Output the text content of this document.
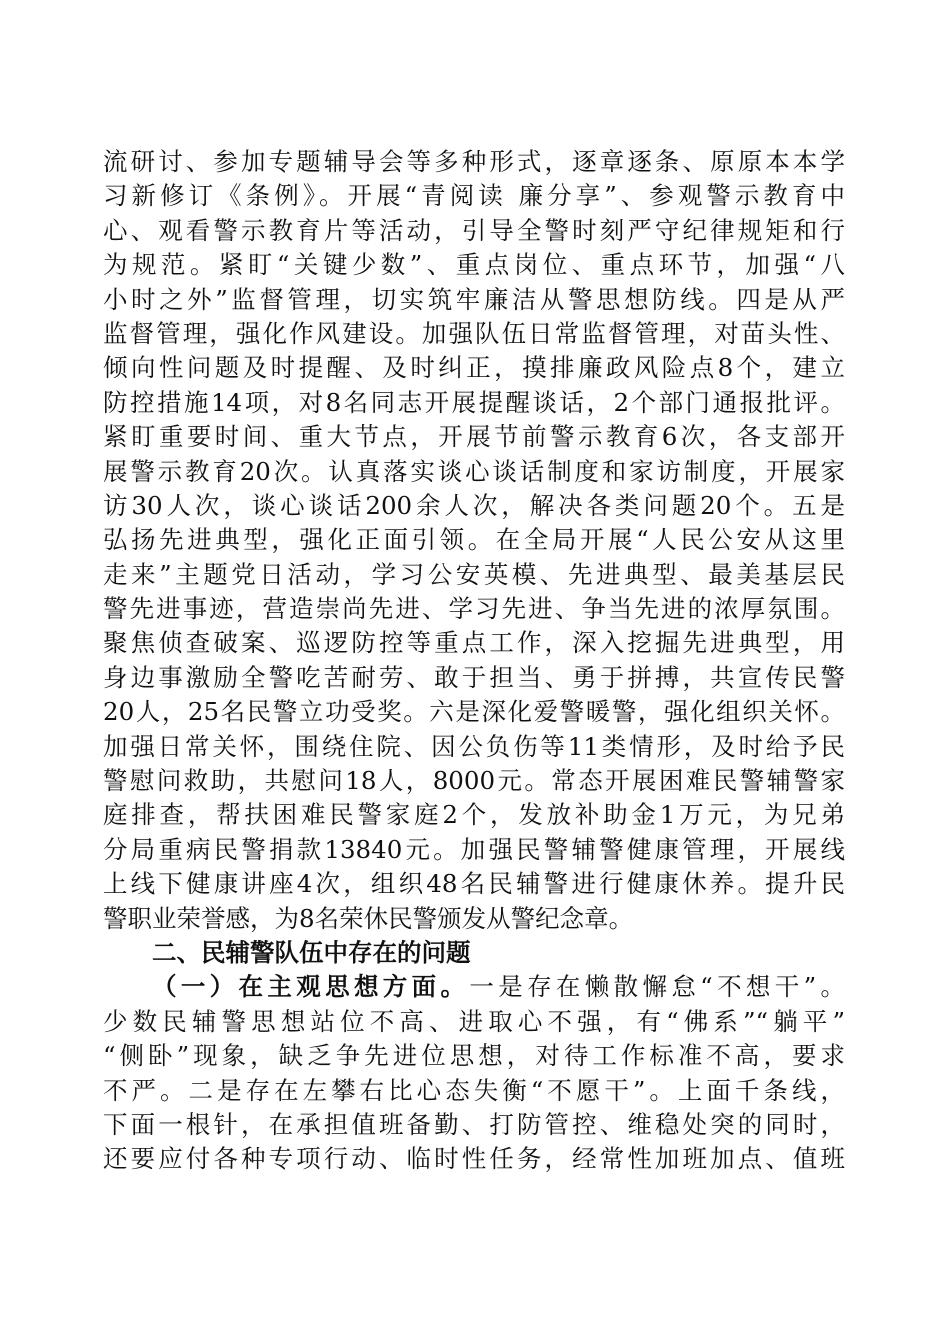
流研讨、参加专题辅导会等多种形式，逐章逐条、原原本本学
习新修订《条例》。开展“青阅读 廉分享”、参观警示教育中
心、观看警示教育片等活动，引导全警时刻严守纪律规矩和行
为规范。紧盯“关键少数”、重点岗位、重点环节，加强“八
小时之外”监督管理，切实筑牢廉洁从警思想防线。四是从严
监督管理，强化作风建设。加强队伍日常监督管理，对苗头性、
倾向性问题及时提醒、及时纠正，摸排廉政风险点8个，建立
防控措施14项，对8名同志开展提醒谈话，2个部门通报批评。
紧盯重要时间、重大节点，开展节前警示教育6次，各支部开
展警示教育20次。认真落实谈心谈话制度和家访制度，开展家
访30人次，谈心谈话200余人次，解决各类问题20个。五是
弘扬先进典型，强化正面引领。在全局开展“人民公安从这里
走来”主题党日活动，学习公安英模、先进典型、最美基层民
警先进事迹，营造崇尚先进、学习先进、争当先进的浓厚氛围。
聚焦侦查破案、巡逻防控等重点工作，深入挖掘先进典型，用
身边事激励全警吃苦耐劳、敢于担当、勇于拼搏，共宣传民警
20人，25名民警立功受奖。六是深化爱警暖警，强化组织关怀。
加强日常关怀，围绕住院、因公负伤等11类情形，及时给予民
警慰问救助，共慰问18人，8000元。常态开展困难民警辅警家
庭排查，帮扶困难民警家庭2个，发放补助金1万元，为兄弟
分局重病民警捐款13840元。加强民警辅警健康管理，开展线
上线下健康讲座4次，组织48名民辅警进行健康休养。提升民
警职业荣誉感，为8名荣休民警颁发从警纪念章。
二、民辅警队伍中存在的问题
（一）在主观思想方面。一是存在懒散懈怠“不想干”。
少数民辅警思想站位不高、进取心不强，有“佛系”“躺平”
“侧卧”现象，缺乏争先进位思想，对待工作标准不高，要求
不严。二是存在左攀右比心态失衡“不愿干”。上面千条线，
下面一根针，在承担值班备勤、打防管控、维稳处突的同时，
还要应付各种专项行动、临时性任务，经常性加班加点、值班
